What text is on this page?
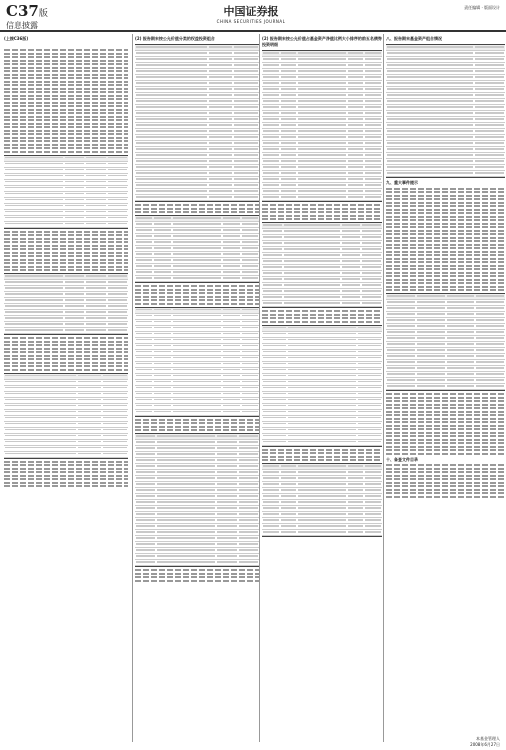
C37版
信息披露
中国证券报
CHINA SECURITIES JOURNAL
责任编辑 · 版面设计
(上接C36版)
	(2) 报告期末按公允价值分类的权益投资组合	(2) 报告期末按公允价值占基金资产净值比例大小排序的前五名债券投资明细
八、报告期末基金资产组合情况
九、重大事件提示
十、备查文件目录
本基金管理人
2008年6月27日
